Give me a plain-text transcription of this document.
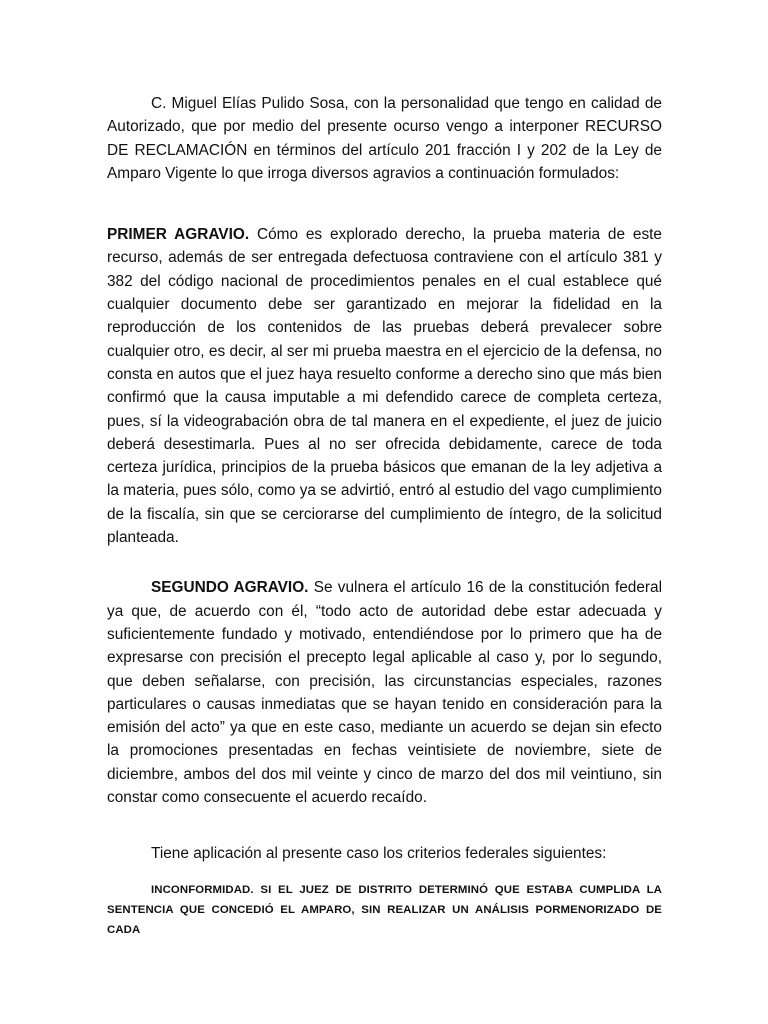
C. Miguel Elías Pulido Sosa, con la personalidad que tengo en calidad de Autorizado, que por medio del presente ocurso vengo a interponer RECURSO DE RECLAMACIÓN en términos del artículo 201 fracción I y 202 de la Ley de Amparo Vigente lo que irroga diversos agravios a continuación formulados:

PRIMER AGRAVIO. Cómo es explorado derecho, la prueba materia de este recurso, además de ser entregada defectuosa contraviene con el artículo 381 y 382 del código nacional de procedimientos penales en el cual establece qué cualquier documento debe ser garantizado en mejorar la fidelidad en la reproducción de los contenidos de las pruebas deberá prevalecer sobre cualquier otro, es decir, al ser mi prueba maestra en el ejercicio de la defensa, no consta en autos que el juez haya resuelto conforme a derecho sino que más bien confirmó que la causa imputable a mi defendido carece de completa certeza, pues, sí la videograbación obra de tal manera en el expediente, el juez de juicio deberá desestimarla. Pues al no ser ofrecida debidamente, carece de toda certeza jurídica, principios de la prueba básicos que emanan de la ley adjetiva a la materia, pues sólo, como ya se advirtió, entró al estudio del vago cumplimiento de la fiscalía, sin que se cerciorarse del cumplimiento de íntegro, de la solicitud planteada.

SEGUNDO AGRAVIO. Se vulnera el artículo 16 de la constitución federal ya que, de acuerdo con él, “todo acto de autoridad debe estar adecuada y suficientemente fundado y motivado, entendiéndose por lo primero que ha de expresarse con precisión el precepto legal aplicable al caso y, por lo segundo, que deben señalarse, con precisión, las circunstancias especiales, razones particulares o causas inmediatas que se hayan tenido en consideración para la emisión del acto” ya que en este caso, mediante un acuerdo se dejan sin efecto la promociones presentadas en fechas veintisiete de noviembre, siete de diciembre, ambos del dos mil veinte y cinco de marzo del dos mil veintiuno, sin constar como consecuente el acuerdo recaído.

Tiene aplicación al presente caso los criterios federales siguientes:

INCONFORMIDAD. SI EL JUEZ DE DISTRITO DETERMINÓ QUE ESTABA CUMPLIDA LA SENTENCIA QUE CONCEDIÓ EL AMPARO, SIN REALIZAR UN ANÁLISIS PORMENORIZADO DE CADA
